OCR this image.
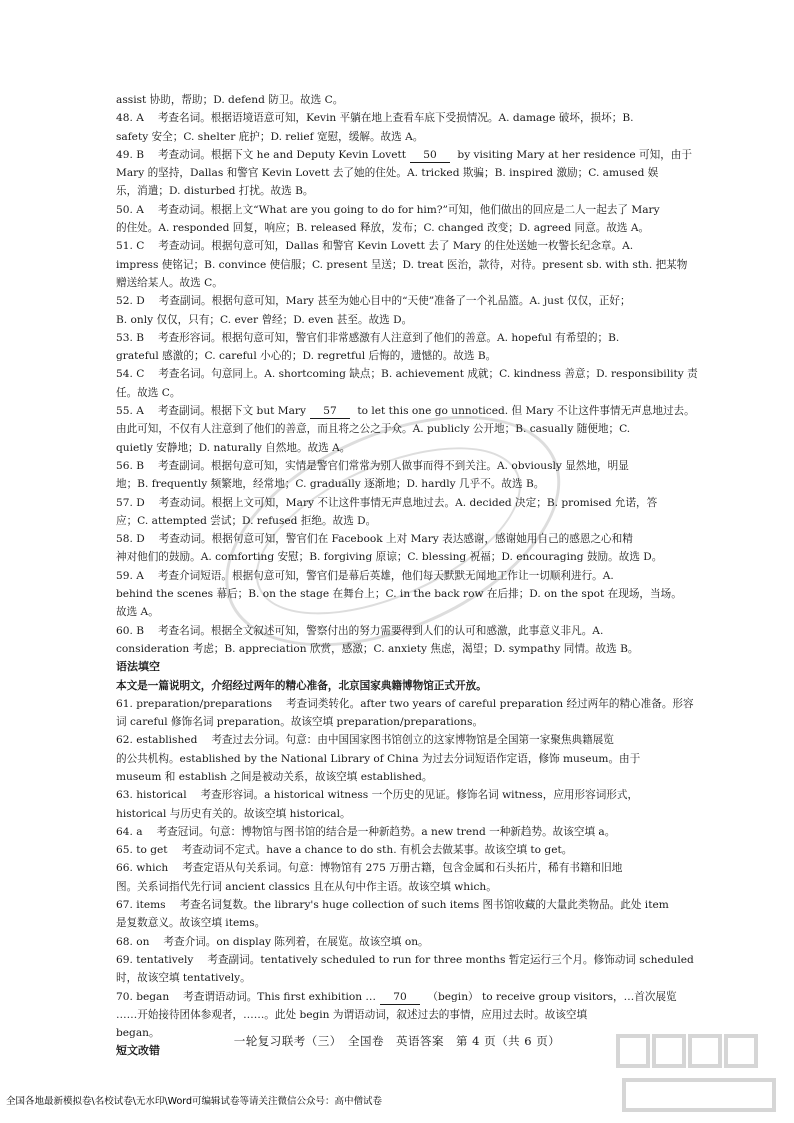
assist 协助，帮助；D. defend 防卫。故选 C。
48. A 　考查名词。根据语境语意可知，Kevin 平躺在地上查看车底下受损情况。A. damage 破坏，损坏；B.
safety 安全；C. shelter 庇护；D. relief 宽慰，缓解。故选 A。
49. B 　考查动词。根据下文 he and Deputy Kevin Lovett 50 by visiting Mary at her residence 可知，由于
Mary 的坚持，Dallas 和警官 Kevin Lovett 去了她的住处。A. tricked 欺骗；B. inspired 激励；C. amused 娱
乐，消遣；D. disturbed 打扰。故选 B。
50. A 　考查动词。根据上文“What are you going to do for him?”可知，他们做出的回应是二人一起去了 Mary
的住处。A. responded 回复，响应；B. released 释放，发布；C. changed 改变；D. agreed 同意。故选 A。
51. C 　考查动词。根据句意可知，Dallas 和警官 Kevin Lovett 去了 Mary 的住处送她一枚警长纪念章。A.
impress 使铭记；B. convince 使信服；C. present 呈送；D. treat 医治，款待，对待。present sb. with sth. 把某物
赠送给某人。故选 C。
52. D 　考查副词。根据句意可知，Mary 甚至为她心目中的“天使”准备了一个礼品篮。A. just 仅仅，正好；
B. only 仅仅，只有；C. ever 曾经；D. even 甚至。故选 D。
53. B 　考查形容词。根据句意可知，警官们非常感激有人注意到了他们的善意。A. hopeful 有希望的；B.
grateful 感激的；C. careful 小心的；D. regretful 后悔的，遗憾的。故选 B。
54. C 　考查名词。句意同上。A. shortcoming 缺点；B. achievement 成就；C. kindness 善意；D. responsibility 责
任。故选 C。
55. A 　考查副词。根据下文 but Mary 57 to let this one go unnoticed. 但 Mary 不让这件事情无声息地过去。
由此可知，不仅有人注意到了他们的善意，而且将之公之于众。A. publicly 公开地；B. casually 随便地；C.
quietly 安静地；D. naturally 自然地。故选 A。
56. B 　考查副词。根据句意可知，实情是警官们常常为别人做事而得不到关注。A. obviously 显然地，明显
地；B. frequently 频繁地，经常地；C. gradually 逐渐地；D. hardly 几乎不。故选 B。
57. D 　考查动词。根据上文可知，Mary 不让这件事情无声息地过去。A. decided 决定；B. promised 允诺，答
应；C. attempted 尝试；D. refused 拒绝。故选 D。
58. D 　考查动词。根据句意可知，警官们在 Facebook 上对 Mary 表达感谢，感谢她用自己的感恩之心和精
神对他们的鼓励。A. comforting 安慰；B. forgiving 原谅；C. blessing 祝福；D. encouraging 鼓励。故选 D。
59. A 　考查介词短语。根据句意可知，警官们是幕后英雄，他们每天默默无闻地工作让一切顺利进行。A.
behind the scenes 幕后；B. on the stage 在舞台上；C. in the back row 在后排；D. on the spot 在现场，当场。
故选 A。
60. B 　考查名词。根据全文叙述可知，警察付出的努力需要得到人们的认可和感激，此事意义非凡。A.
consideration 考虑；B. appreciation 欣赏，感激；C. anxiety 焦虑，渴望；D. sympathy 同情。故选 B。
语法填空
本文是一篇说明文，介绍经过两年的精心准备，北京国家典籍博物馆正式开放。
61. preparation/preparations 　考查词类转化。after two years of careful preparation 经过两年的精心准备。形容
词 careful 修饰名词 preparation。故该空填 preparation/preparations。
62. established 　考查过去分词。句意：由中国国家图书馆创立的这家博物馆是全国第一家聚焦典籍展览
的公共机构。established by the National Library of China 为过去分词短语作定语，修饰 museum。由于
museum 和 establish 之间是被动关系，故该空填 established。
63. historical 　考查形容词。a historical witness 一个历史的见证。修饰名词 witness，应用形容词形式，
historical 与历史有关的。故该空填 historical。
64. a 　考查冠词。句意：博物馆与图书馆的结合是一种新趋势。a new trend 一种新趋势。故该空填 a。
65. to get 　考查动词不定式。have a chance to do sth. 有机会去做某事。故该空填 to get。
66. which 　考查定语从句关系词。句意：博物馆有 275 万册古籍，包含金属和石头拓片，稀有书籍和旧地
图。关系词指代先行词 ancient classics 且在从句中作主语。故该空填 which。
67. items 　考查名词复数。the library's huge collection of such items 图书馆收藏的大量此类物品。此处 item
是复数意义。故该空填 items。
68. on 　考查介词。on display 陈列着，在展览。故该空填 on。
69. tentatively 　考查副词。tentatively scheduled to run for three months 暂定运行三个月。修饰动词 scheduled
时，故该空填 tentatively。
70. began 　考查谓语动词。This first exhibition … 70 （begin） to receive group visitors，…首次展览
……开始接待团体参观者，……。此处 begin 为谓语动词，叙述过去的事情，应用过去时。故该空填
began。
短文改错
一轮复习联考（三）　全国卷　英语答案　第 4 页（共 6 页）
全国各地最新模拟卷\名校试卷\无水印\Word可编辑试卷等请关注微信公众号：高中僧试卷
